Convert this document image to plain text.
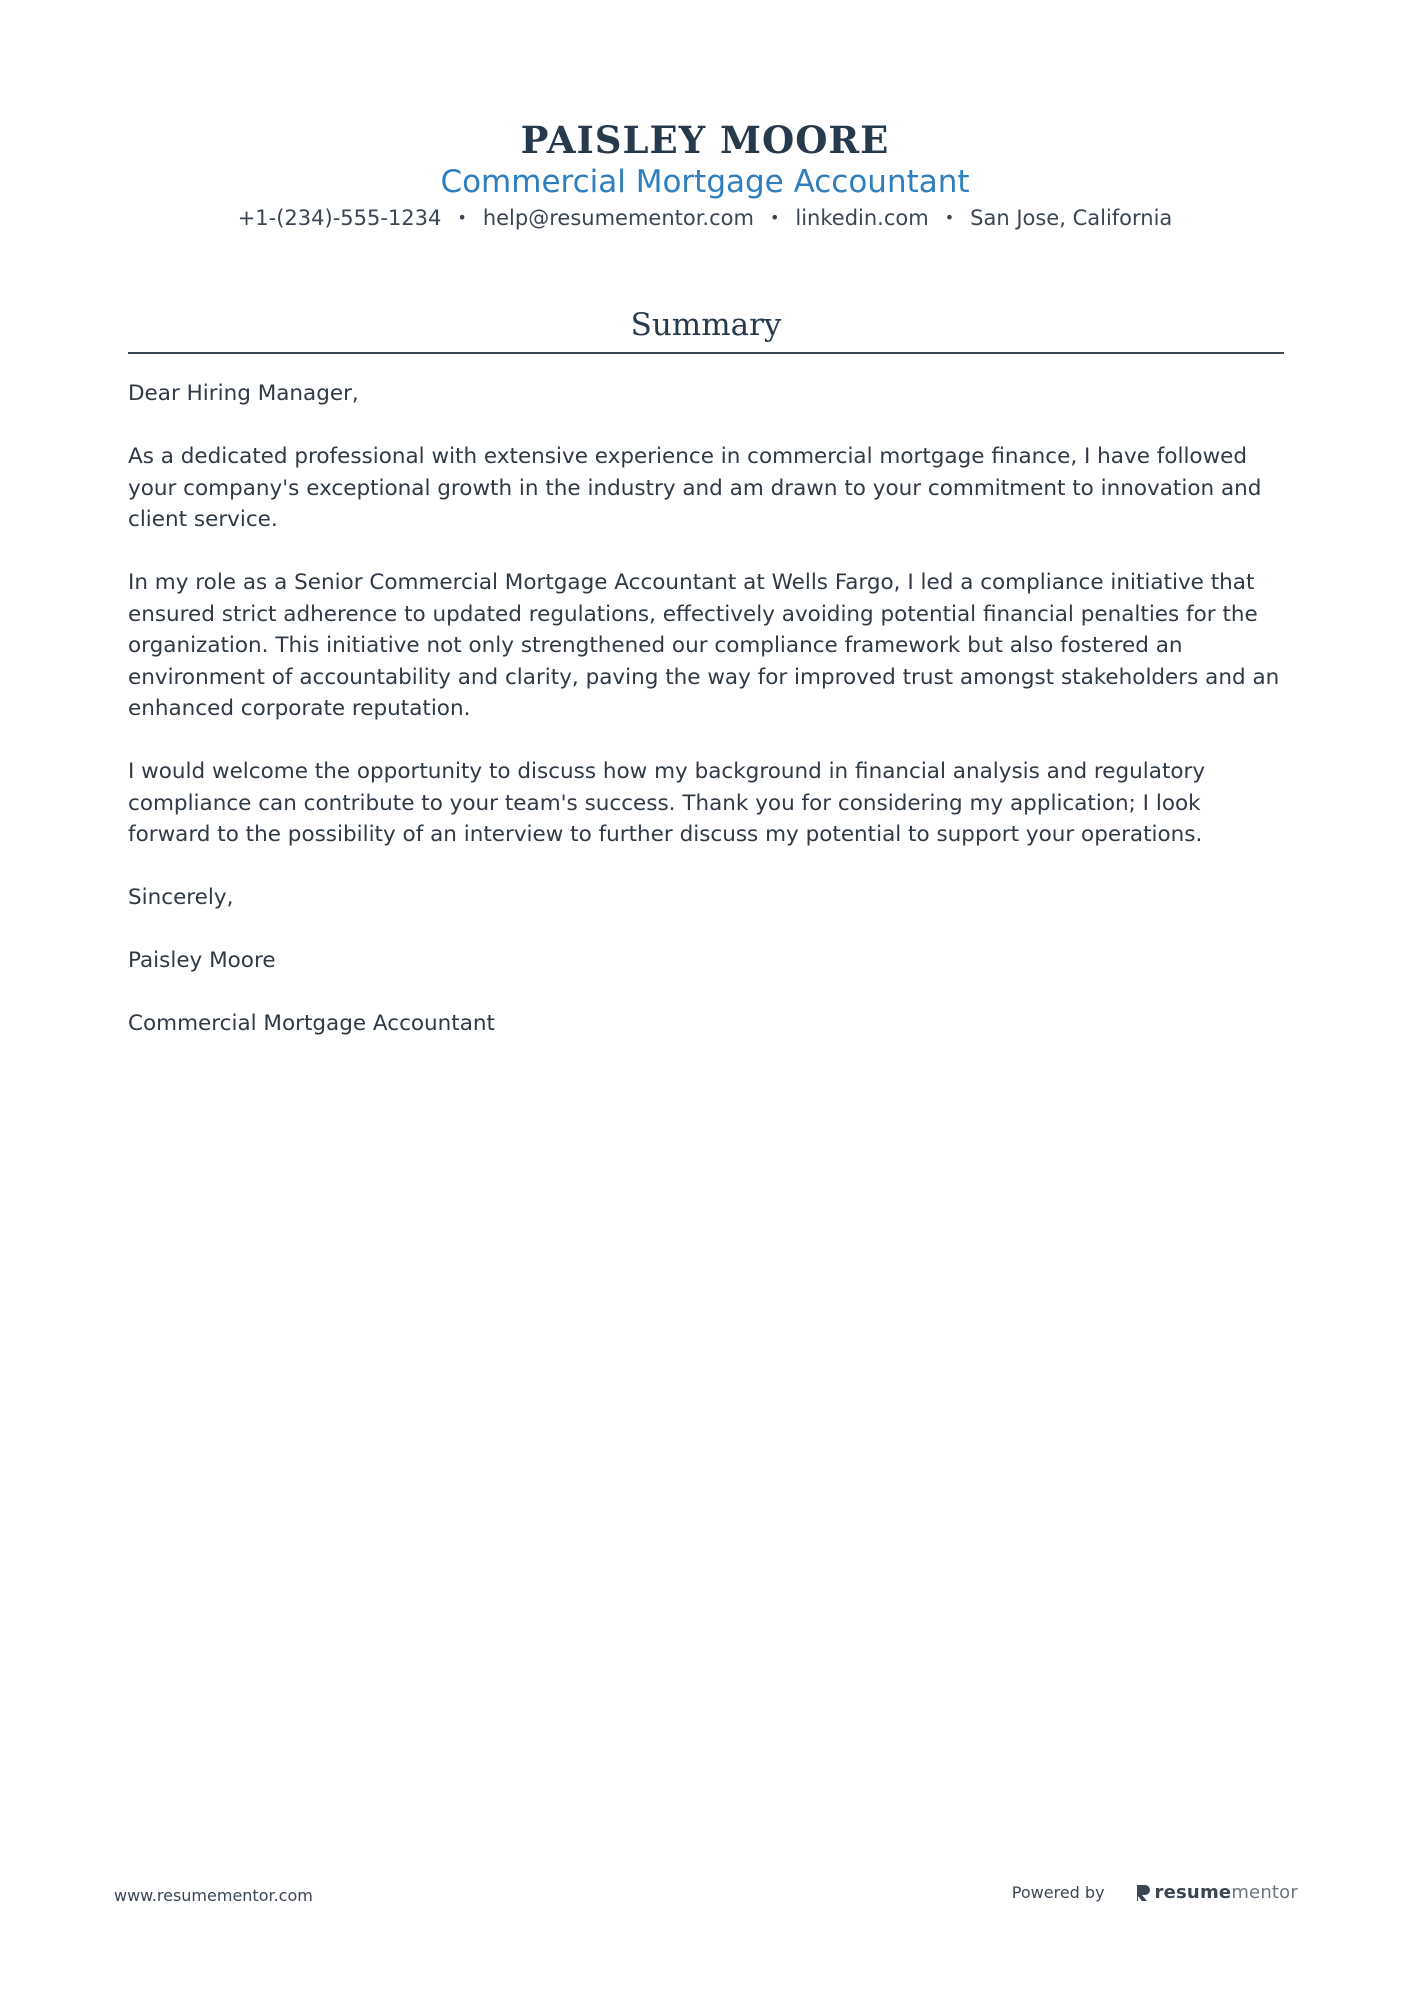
PAISLEY MOORE
Commercial Mortgage Accountant
+1-(234)-555-1234 • help@resumementor.com • linkedin.com • San Jose, California
Summary

Dear Hiring Manager,

As a dedicated professional with extensive experience in commercial mortgage finance, I have followed your company's exceptional growth in the industry and am drawn to your commitment to innovation and client service.

In my role as a Senior Commercial Mortgage Accountant at Wells Fargo, I led a compliance initiative that ensured strict adherence to updated regulations, effectively avoiding potential financial penalties for the organization. This initiative not only strengthened our compliance framework but also fostered an environment of accountability and clarity, paving the way for improved trust amongst stakeholders and an enhanced corporate reputation.

I would welcome the opportunity to discuss how my background in financial analysis and regulatory compliance can contribute to your team's success. Thank you for considering my application; I look forward to the possibility of an interview to further discuss my potential to support your operations.

Sincerely,

Paisley Moore

Commercial Mortgage Accountant

www.resumementor.com	Powered by	resumementor
